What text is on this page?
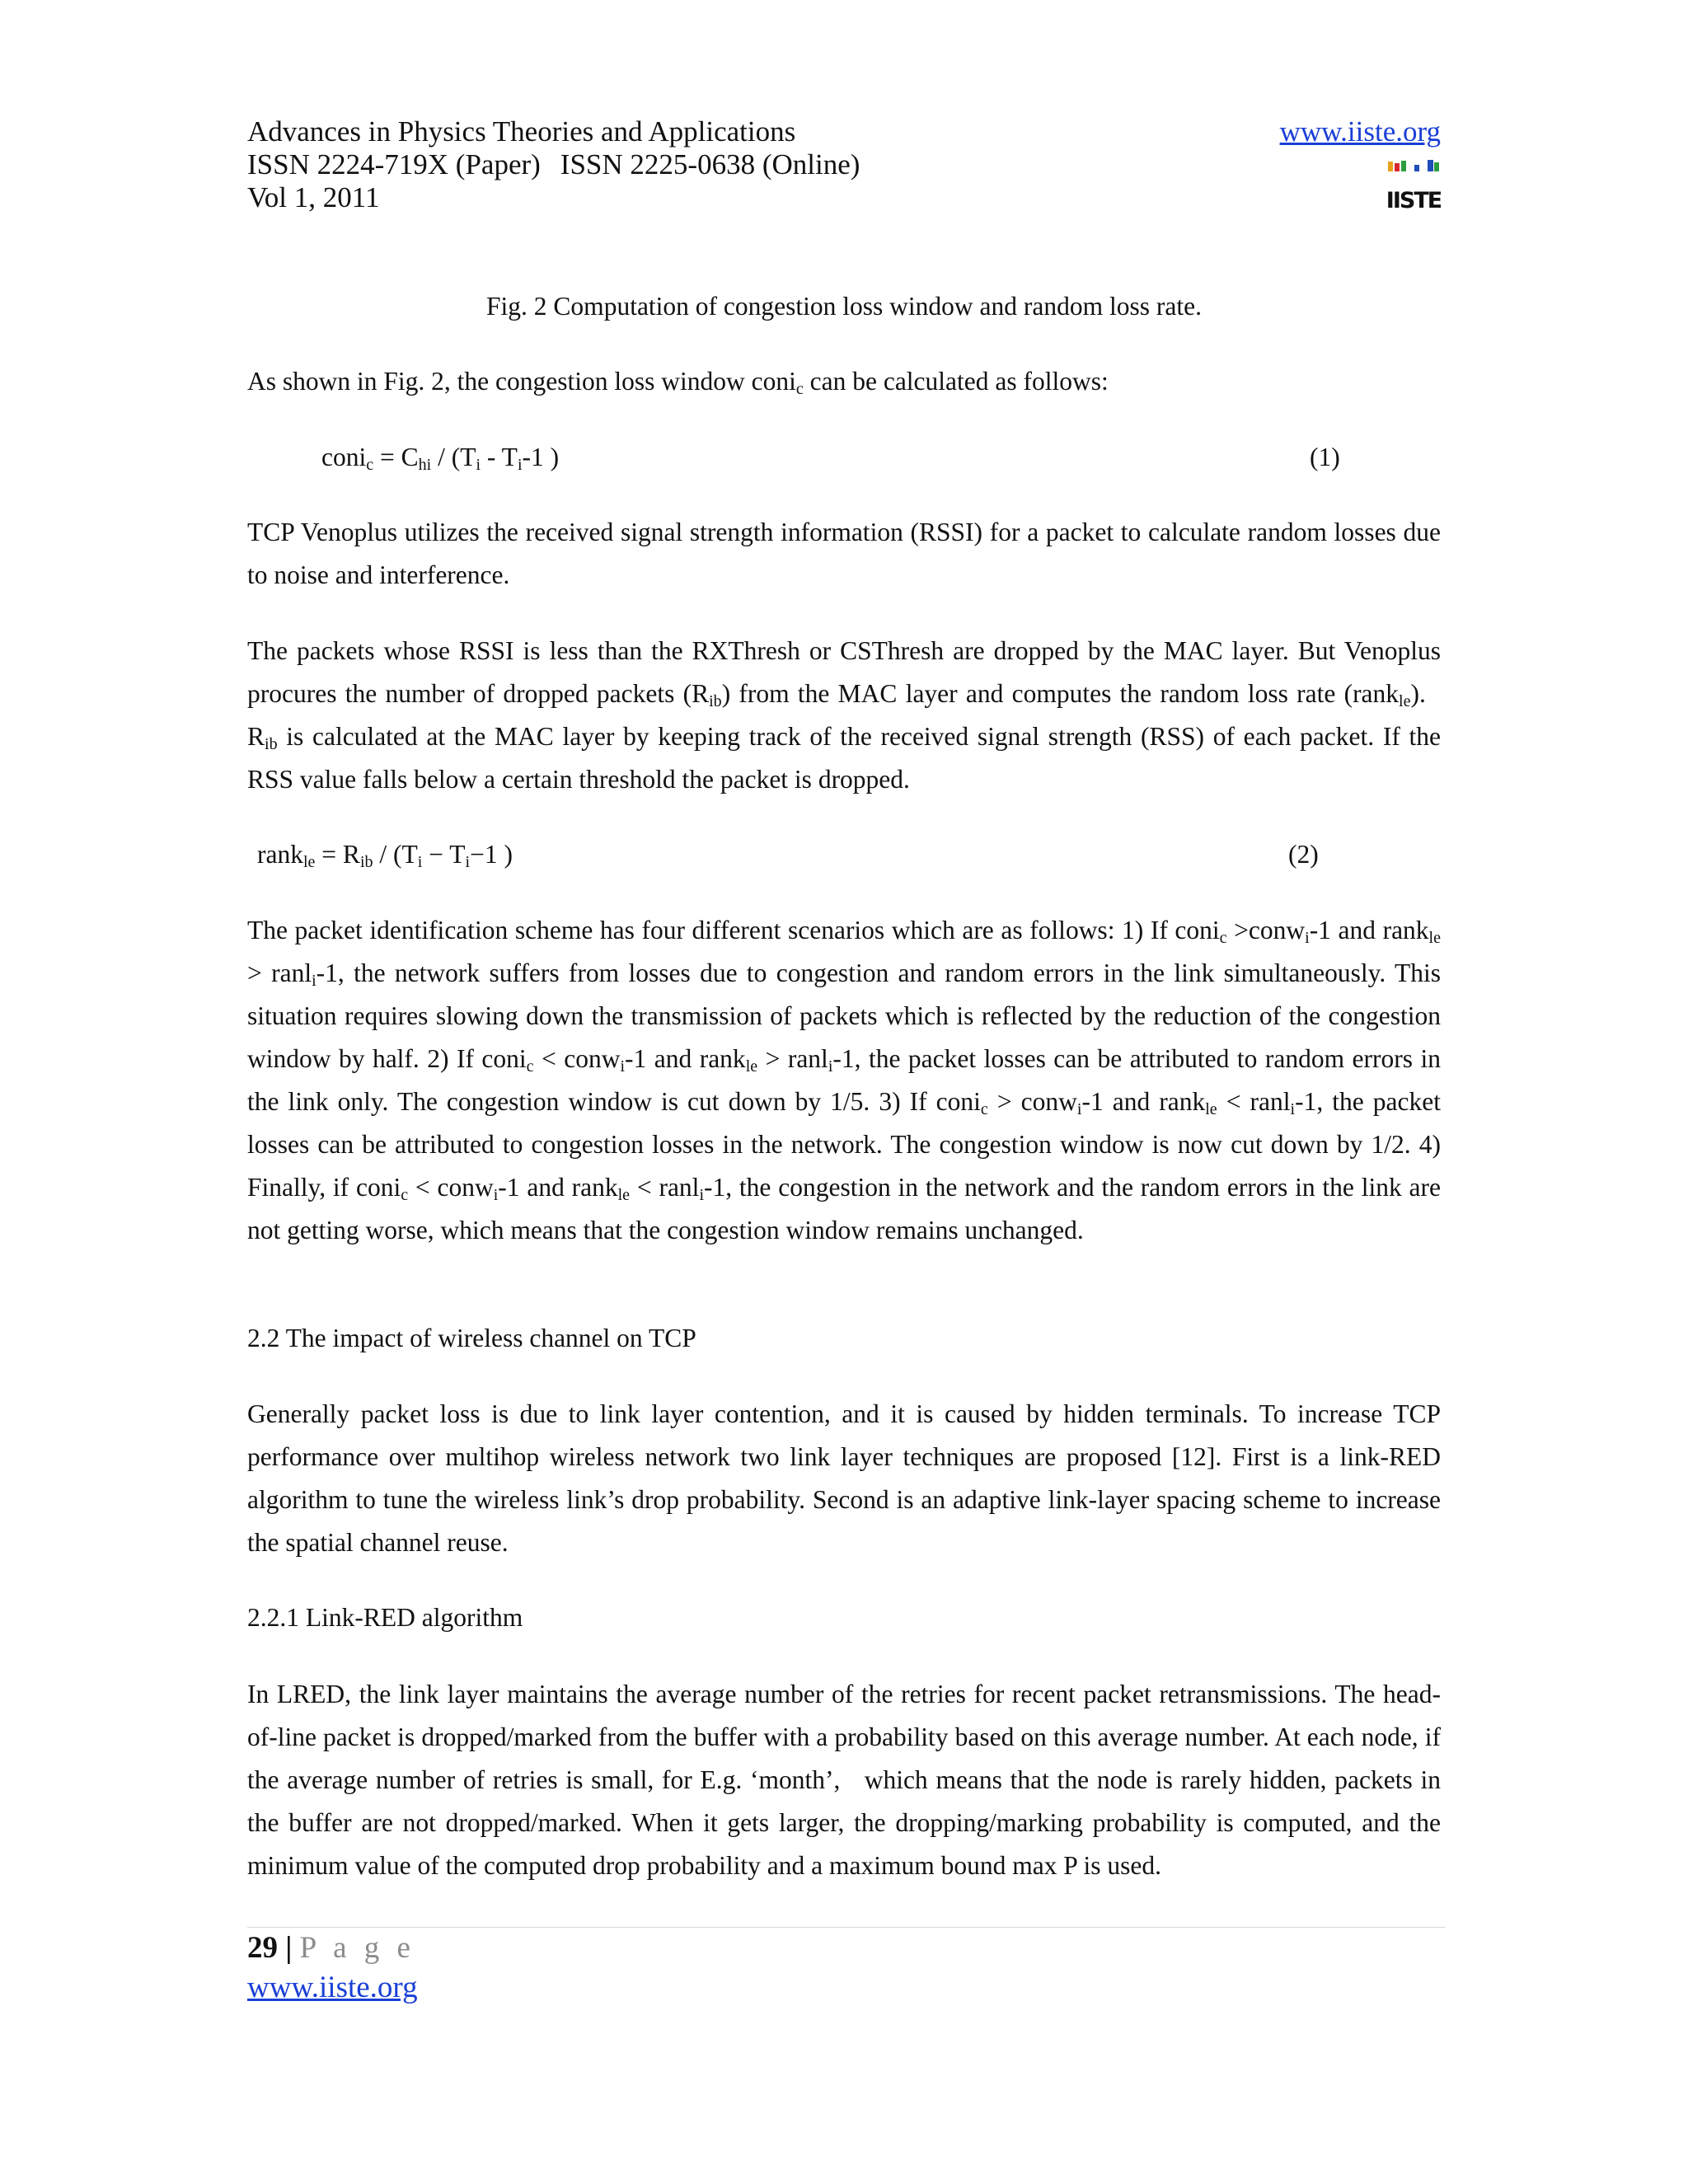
Advances in Physics Theories and Applications
ISSN 2224-719X (Paper) ISSN 2225-0638 (Online)
Vol 1, 2011
www.iiste.org
IISTE
Fig. 2 Computation of congestion loss window and random loss rate.
As shown in Fig. 2, the congestion loss window coni$_c$ can be calculated as follows:
coni$_c$ = $C_{hi} / (T_i - T_i-1$ )	(1)
TCP Venoplus utilizes the received signal strength information (RSSI) for a packet to calculate random losses due to noise and interference.
The packets whose RSSI is less than the RXThresh or CSThresh are dropped by the MAC layer. But Venoplus procures the number of dropped packets $(R_{ib})$ from the MAC layer and computes the random loss rate (rank$_{le}$).   $R_{ib}$ is calculated at the MAC layer by keeping track of the received signal strength (RSS) of each packet. If the RSS value falls below a certain threshold the packet is dropped.
rank$_{le}$ = $R_{ib} / (T_i - T_i-1$ )	(2)
The packet identification scheme has four different scenarios which are as follows: 1) If coni$_c$ >conw$_i$-1 and rank$_{le}$ > ranl$_i$-1, the network suffers from losses due to congestion and random errors in the link simultaneously. This situation requires slowing down the transmission of packets which is reflected by the reduction of the congestion window by half. 2) If coni$_c$ < conw$_i$-1 and rank$_{le}$ > ranl$_i$-1, the packet losses can be attributed to random errors in the link only. The congestion window is cut down by 1/5. 3) If coni$_c$ > conw$_i$-1 and rank$_{le}$ < ranl$_i$-1, the packet losses can be attributed to congestion losses in the network. The congestion window is now cut down by 1/2. 4) Finally, if coni$_c$ < conw$_i$-1 and rank$_{le}$ < ranl$_i$-1, the congestion in the network and the random errors in the link are not getting worse, which means that the congestion window remains unchanged.
2.2 The impact of wireless channel on TCP
Generally packet loss is due to link layer contention, and it is caused by hidden terminals. To increase TCP performance over multihop wireless network two link layer techniques are proposed [12]. First is a link-RED algorithm to tune the wireless link’s drop probability. Second is an adaptive link-layer spacing scheme to increase the spatial channel reuse.
2.2.1 Link-RED algorithm
In LRED, the link layer maintains the average number of the retries for recent packet retransmissions. The head-of-line packet is dropped/marked from the buffer with a probability based on this average number. At each node, if the average number of retries is small, for E.g. ‘month’,   which means that the node is rarely hidden, packets in the buffer are not dropped/marked. When it gets larger, the dropping/marking probability is computed, and the minimum value of the computed drop probability and a maximum bound max P is used.
29 | P a g e
www.iiste.org
